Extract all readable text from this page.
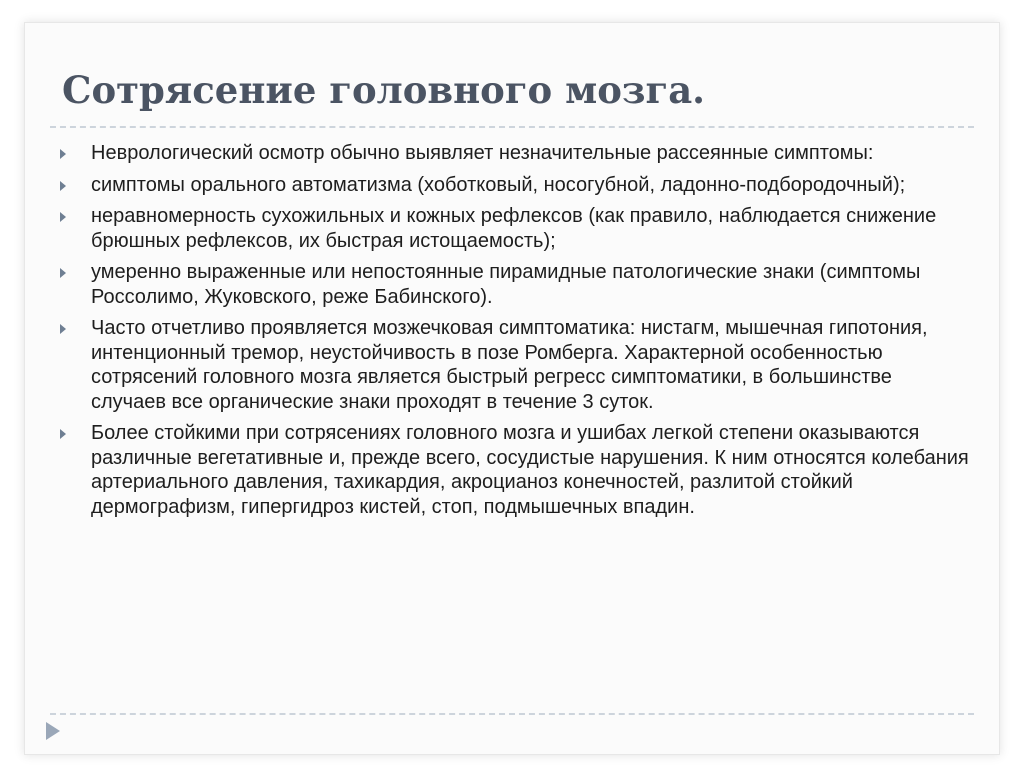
Сотрясение головного мозга.
Неврологический осмотр обычно выявляет незначительные рассеянные симптомы:
симптомы орального автоматизма (хоботковый, носогубной, ладонно-подбородочный);
неравномерность сухожильных и кожных рефлексов (как правило, наблюдается снижение брюшных рефлексов, их быстрая истощаемость);
умеренно выраженные или непостоянные пирамидные патологические знаки (симптомы Россолимо, Жуковского, реже Бабинского).
Часто отчетливо проявляется мозжечковая симптоматика: нистагм, мышечная гипотония, интенционный тремор, неустойчивость в позе Ромберга. Характерной особенностью сотрясений головного мозга является быстрый регресс симптоматики, в большинстве случаев все органические знаки проходят в течение 3 суток.
Более стойкими при сотрясениях головного мозга и ушибах легкой степени оказываются различные вегетативные и, прежде всего, сосудистые нарушения. К ним относятся колебания артериального давления, тахикардия, акроцианоз конечностей, разлитой стойкий дермографизм, гипергидроз кистей, стоп, подмышечных впадин.
